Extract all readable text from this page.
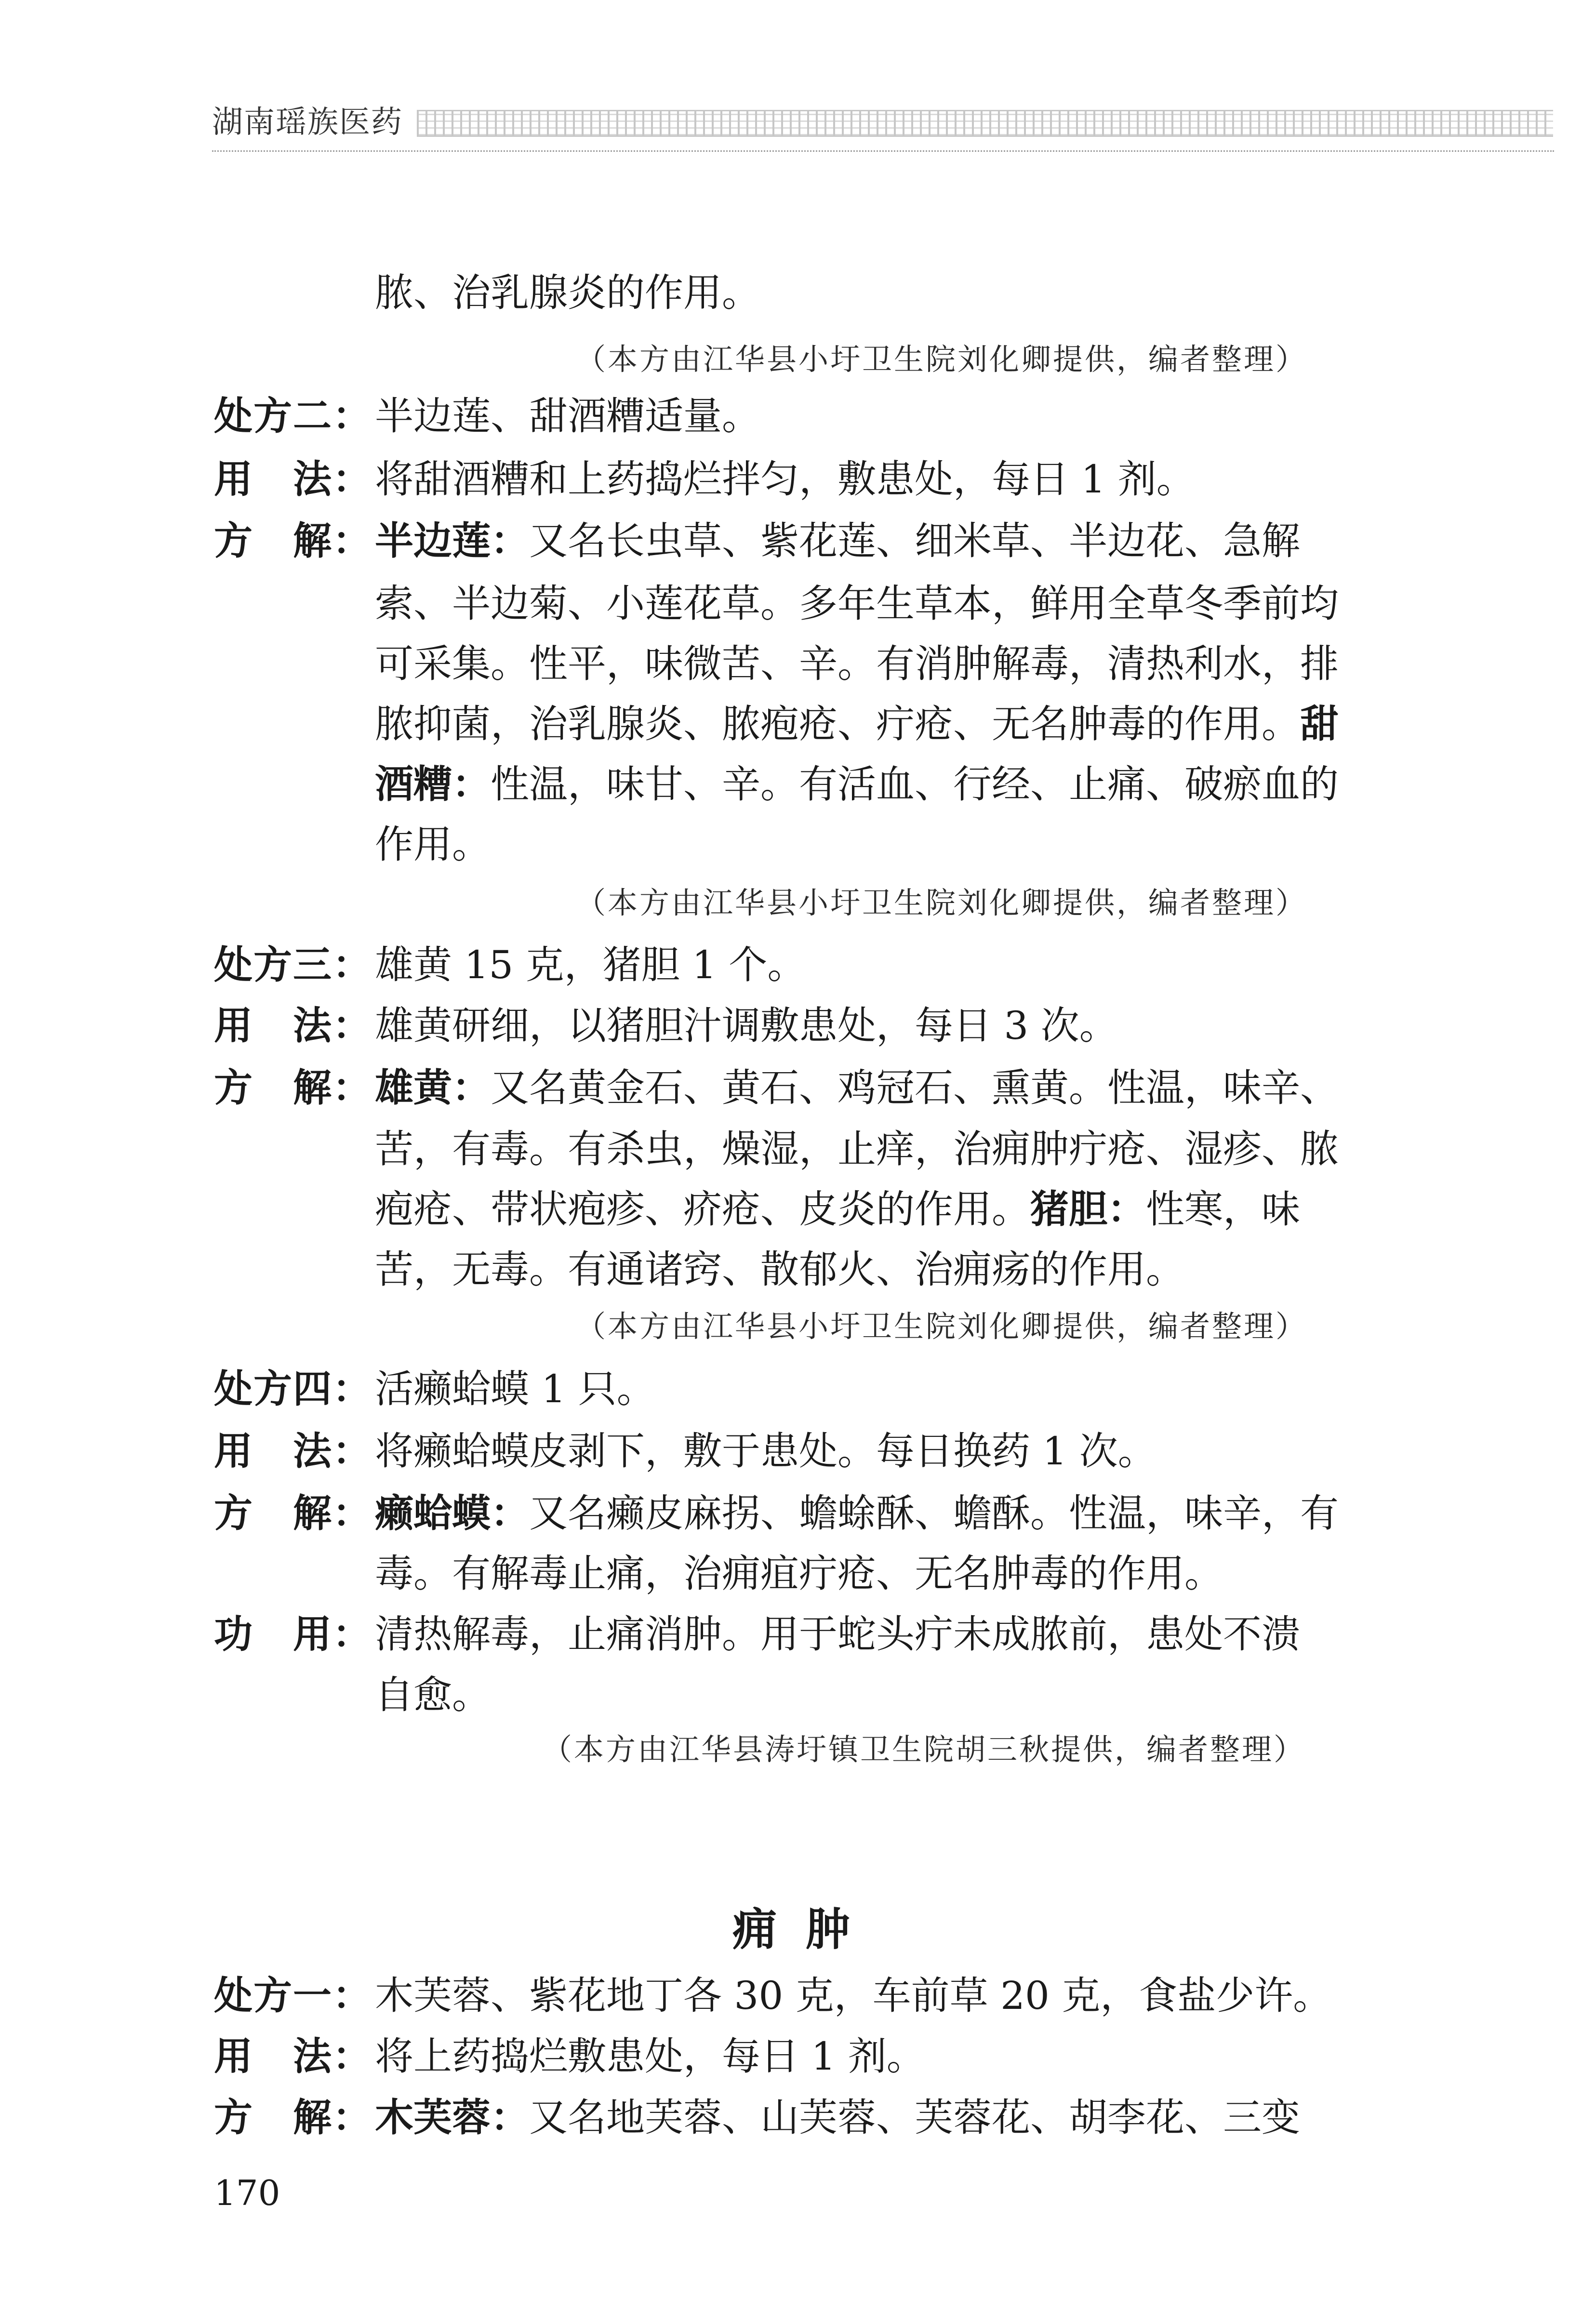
湖南瑶族医药
脓、治乳腺炎的作用。
（本方由江华县小圩卫生院刘化卿提供，编者整理）
处方二： 半边莲、甜酒糟适量。
用　法： 将甜酒糟和上药捣烂拌匀，敷患处，每日 1 剂。
方　解： 半边莲：又名长虫草、紫花莲、细米草、半边花、急解
索、半边菊、小莲花草。多年生草本，鲜用全草冬季前均
可采集。性平，味微苦、辛。有消肿解毒，清热利水，排
脓抑菌，治乳腺炎、脓疱疮、疔疮、无名肿毒的作用。甜
酒糟：性温，味甘、辛。有活血、行经、止痛、破瘀血的
作用。
（本方由江华县小圩卫生院刘化卿提供，编者整理）
处方三： 雄黄 15 克，猪胆 1 个。
用　法： 雄黄研细，以猪胆汁调敷患处，每日 3 次。
方　解： 雄黄：又名黄金石、黄石、鸡冠石、熏黄。性温，味辛、
苦，有毒。有杀虫，燥湿，止痒，治痈肿疔疮、湿疹、脓
疱疮、带状疱疹、疥疮、皮炎的作用。猪胆：性寒，味
苦，无毒。有通诸窍、散郁火、治痈疡的作用。
（本方由江华县小圩卫生院刘化卿提供，编者整理）
处方四： 活癞蛤蟆 1 只。
用　法： 将癞蛤蟆皮剥下，敷于患处。每日换药 1 次。
方　解： 癞蛤蟆：又名癞皮麻拐、蟾蜍酥、蟾酥。性温，味辛，有
毒。有解毒止痛，治痈疽疔疮、无名肿毒的作用。
功　用： 清热解毒，止痛消肿。用于蛇头疔未成脓前，患处不溃
自愈。
（本方由江华县涛圩镇卫生院胡三秋提供，编者整理）
痈肿
处方一： 木芙蓉、紫花地丁各 30 克，车前草 20 克，食盐少许。
用　法： 将上药捣烂敷患处，每日 1 剂。
方　解： 木芙蓉：又名地芙蓉、山芙蓉、芙蓉花、胡李花、三变
170
